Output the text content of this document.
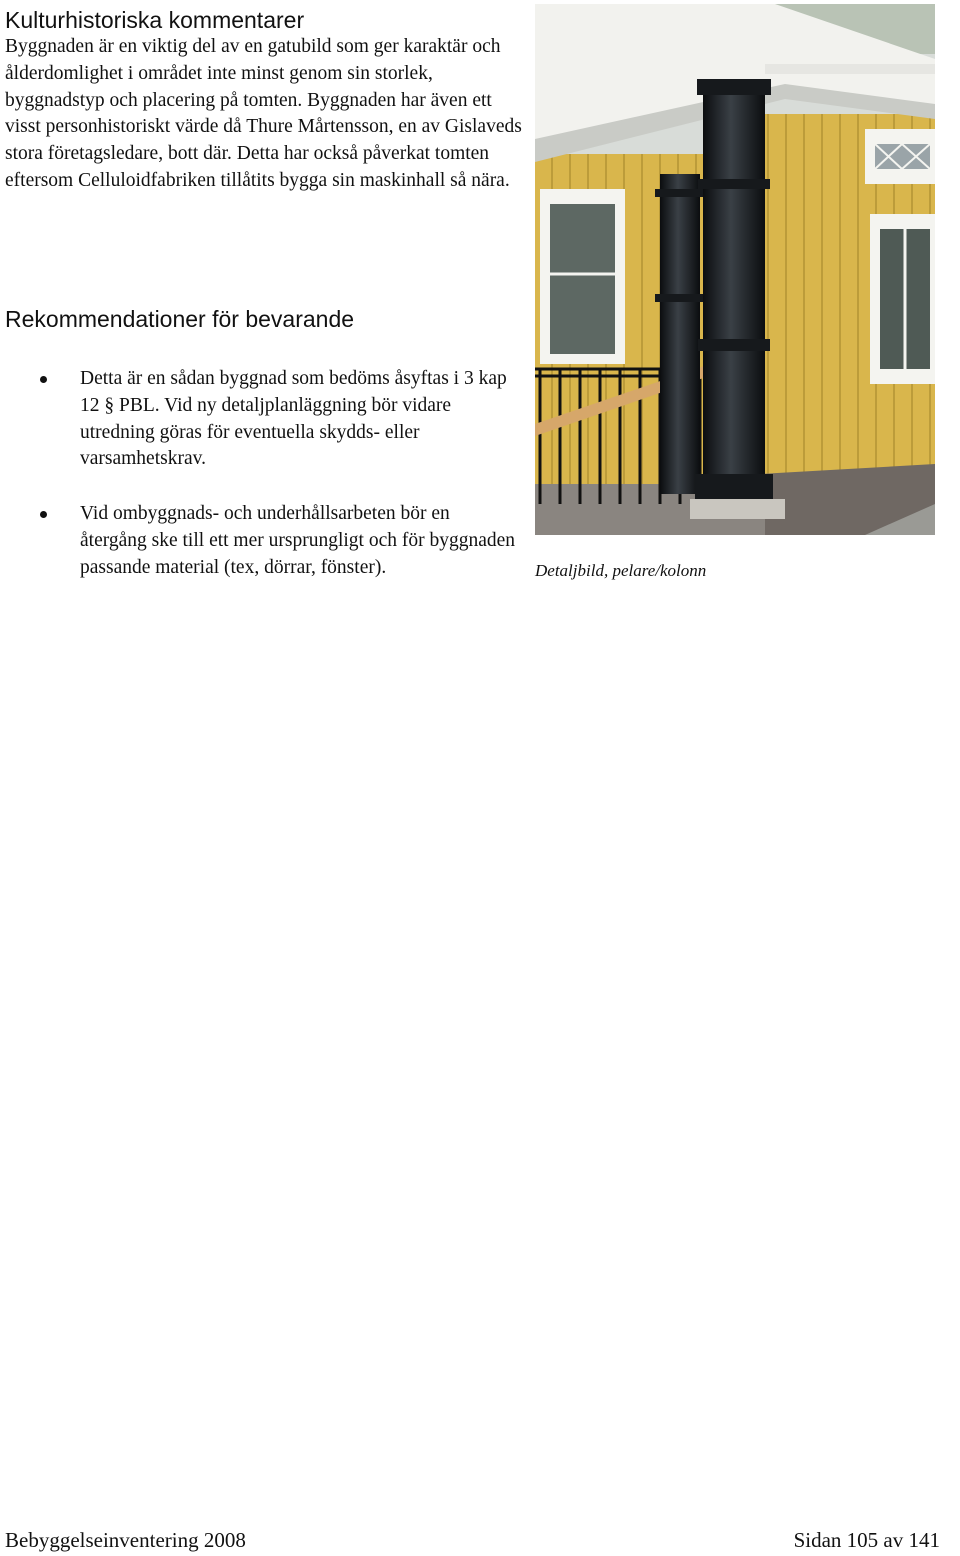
Kulturhistoriska kommentarer

Byggnaden är en viktig del av en gatubild som ger karaktär och ålderdomlighet i området inte minst genom sin storlek, byggnadstyp och placering på tomten. Byggnaden har även ett visst personhistoriskt värde då Thure Mårtensson, en av Gislaveds stora företagsledare, bott där. Detta har också påverkat tomten eftersom Celluloidfabriken tillåtits bygga sin maskinhall så nära.

Rekommendationer för bevarande
Detta är en sådan byggnad som bedöms åsyftas i 3 kap 12 § PBL. Vid ny detaljplanläggning bör vidare utredning göras för eventuella skydds- eller varsamhetskrav.
Vid ombyggnads- och underhållsarbeten bör en återgång ske till ett mer ursprungligt och för byggnaden passande material (tex, dörrar, fönster).	Detaljbild, pelare/kolonn
Bebyggelseinventering 2008	Sidan 105 av 141
